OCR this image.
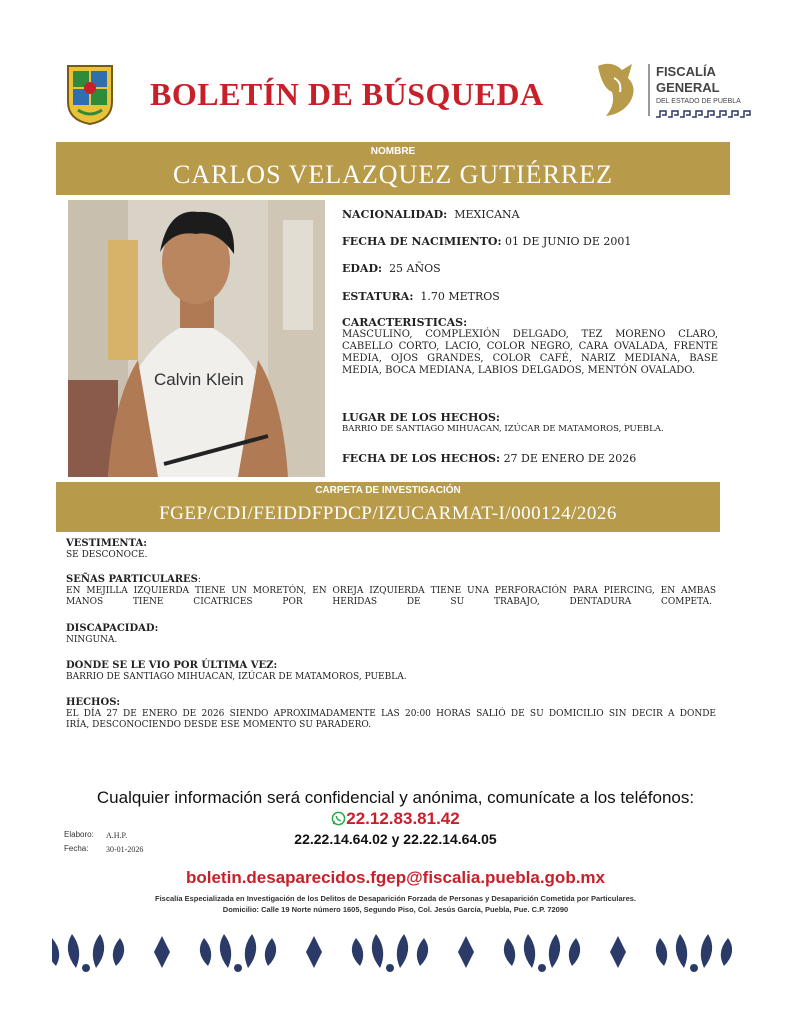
BOLETÍN DE BÚSQUEDA
FISCALÍA
GENERAL
DEL ESTADO DE PUEBLA
NOMBRE
CARLOS VELAZQUEZ GUTIÉRREZ
Calvin Klein
NACIONALIDAD: MEXICANA
FECHA DE NACIMIENTO: 01 DE JUNIO DE 2001
EDAD: 25 AÑOS
ESTATURA: 1.70 METROS
CARACTERISTICAS:
MASCULINO, COMPLEXIÓN DELGADO, TEZ MORENO CLARO, CABELLO CORTO, LACIO, COLOR NEGRO, CARA OVALADA, FRENTE MEDIA, OJOS GRANDES, COLOR CAFÉ, NARIZ MEDIANA, BASE MEDIA, BOCA MEDIANA, LABIOS DELGADOS, MENTÓN OVALADO.
LUGAR DE LOS HECHOS:
BARRIO DE SANTIAGO MIHUACAN, IZÚCAR DE MATAMOROS, PUEBLA.
FECHA DE LOS HECHOS: 27 DE ENERO DE 2026
CARPETA DE INVESTIGACIÓN
FGEP/CDI/FEIDDFPDCP/IZUCARMAT-I/000124/2026
VESTIMENTA:
SE DESCONOCE.
SEÑAS PARTICULARES:
EN MEJILLA IZQUIERDA TIENE UN MORETÓN, EN OREJA IZQUIERDA TIENE UNA PERFORACIÓN PARA PIERCING, EN AMBAS
MANOS TIENE CICATRICES POR HERIDAS DE SU TRABAJO, DENTADURA COMPETA.
DISCAPACIDAD:
NINGUNA.
DONDE SE LE VIO POR ÚLTIMA VEZ:
BARRIO DE SANTIAGO MIHUACAN, IZÚCAR DE MATAMOROS, PUEBLA.
HECHOS:
EL DÍA 27 DE ENERO DE 2026 SIENDO APROXIMADAMENTE LAS 20:00 HORAS SALIÓ DE SU DOMICILIO SIN DECIR A DONDE
IRÍA, DESCONOCIENDO DESDE ESE MOMENTO SU PARADERO.
Cualquier información será confidencial y anónima, comunícate a los teléfonos:
22.12.83.81.42
22.22.14.64.02 y 22.22.14.64.05
Elaboro: A.H.P.
Fecha: 30-01-2026
boletin.desaparecidos.fgep@fiscalia.puebla.gob.mx
Fiscalía Especializada en Investigación de los Delitos de Desaparición Forzada de Personas y Desaparición Cometida por Particulares.
Domicilio: Calle 19 Norte número 1605, Segundo Piso, Col. Jesús García, Puebla, Pue. C.P. 72090
